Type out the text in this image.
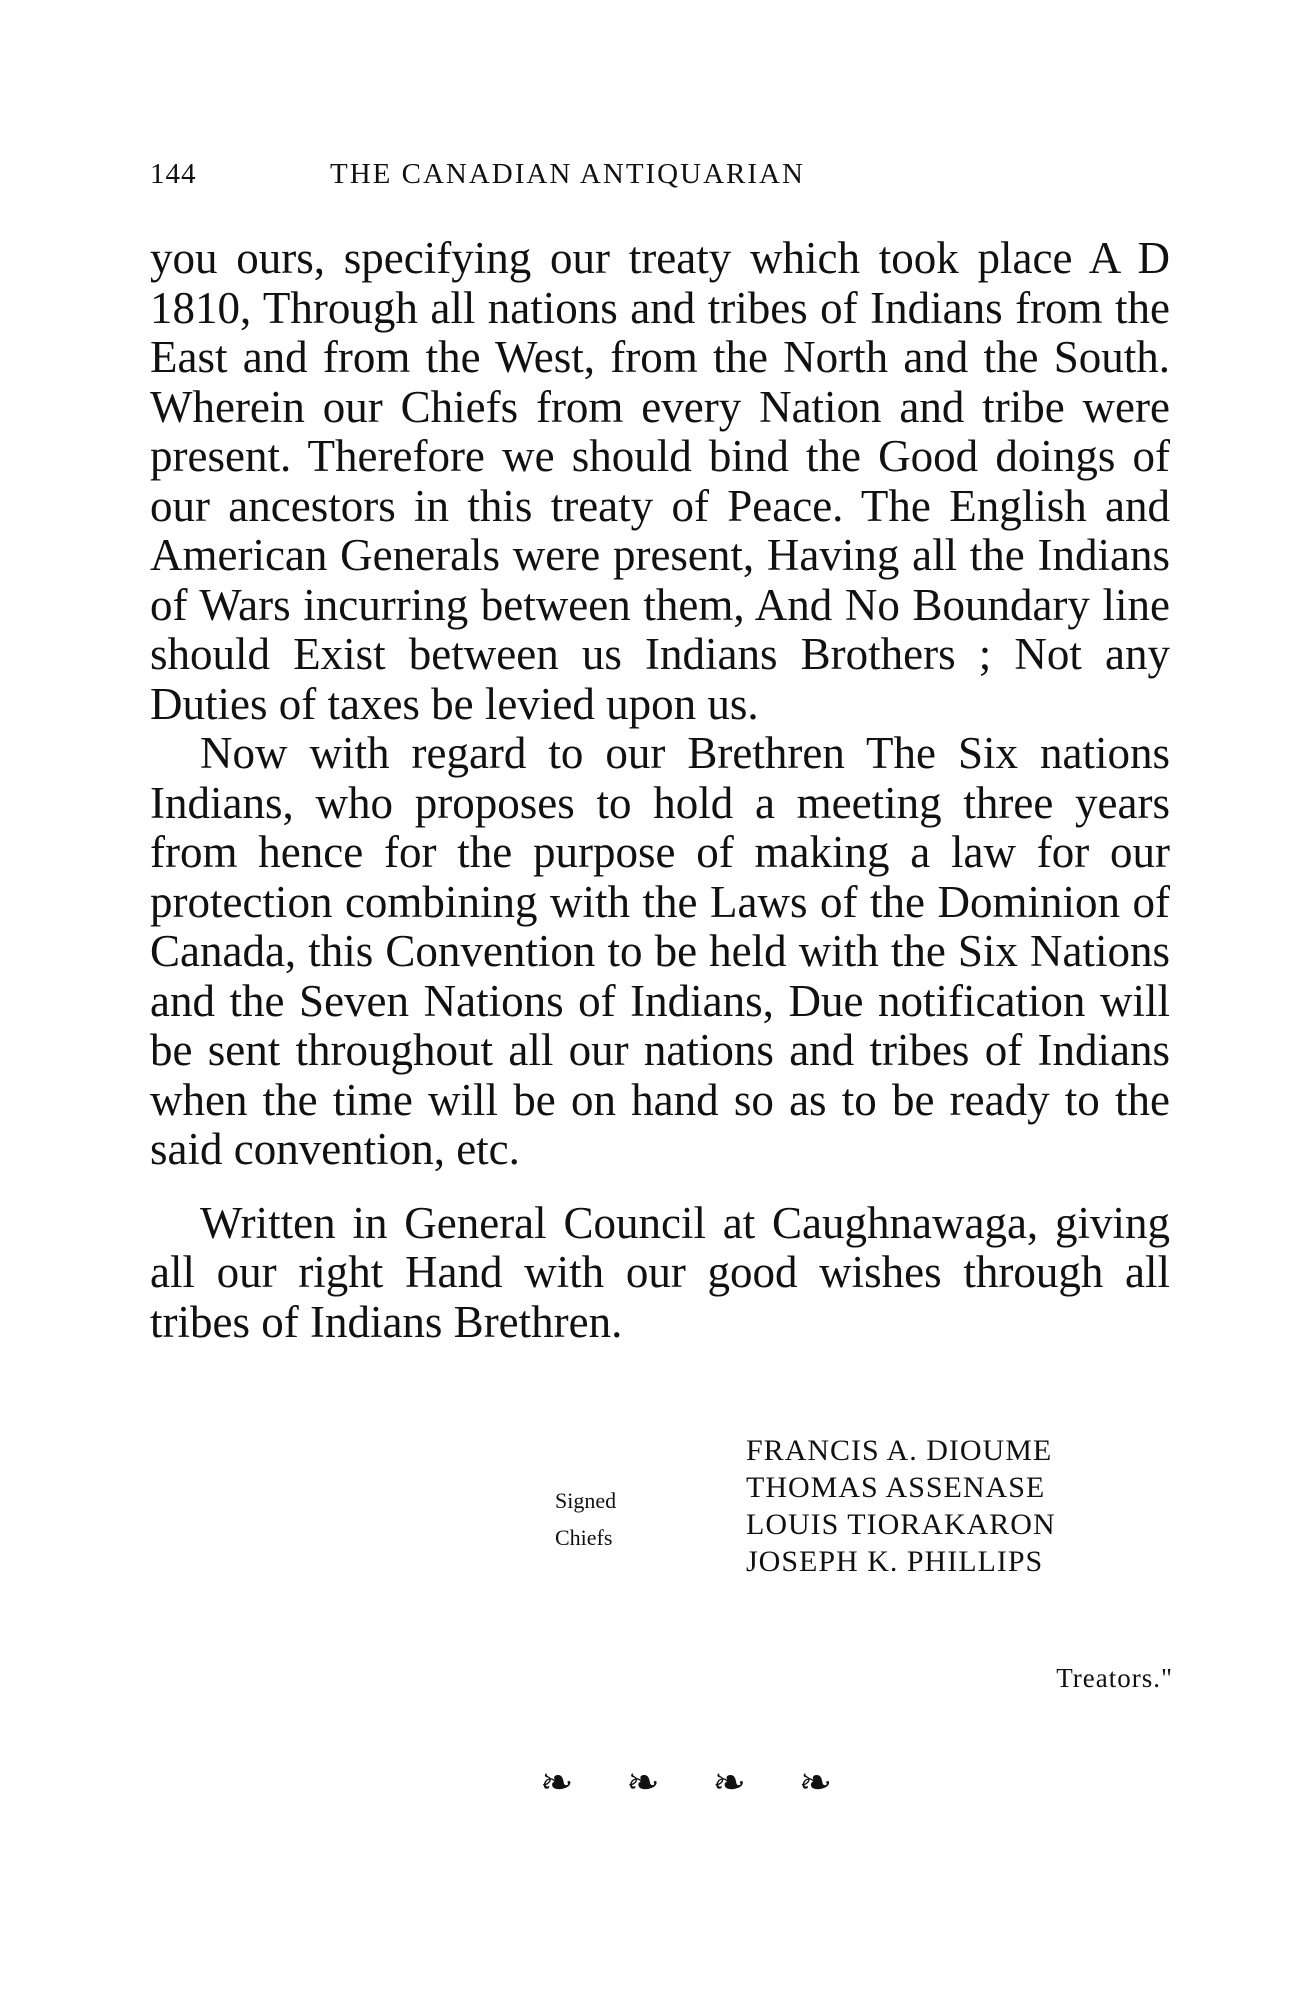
144	THE CANADIAN ANTIQUARIAN

you ours, specifying our treaty which took place A D 1810, Through all nations and tribes of Indians from the East and from the West, from the North and the South. Wherein our Chiefs from every Nation and tribe were present. Therefore we should bind the Good doings of our ancestors in this treaty of Peace. The English and American Generals were present, Having all the Indians of Wars incurring between them, And No Boundary line should Exist between us Indians Brothers ; Not any Duties of taxes be levied upon us.

Now with regard to our Brethren The Six nations Indians, who proposes to hold a meeting three years from hence for the purpose of making a law for our protection combining with the Laws of the Dominion of Canada, this Convention to be held with the Six Nations and the Seven Nations of Indians, Due notification will be sent throughout all our nations and tribes of Indians when the time will be on hand so as to be ready to the said convention, etc.

Written in General Council at Caughnawaga, giving all our right Hand with our good wishes through all tribes of Indians Brethren.

Signed
Chiefs
FRANCIS A. DIOUME
THOMAS ASSENASE
LOUIS TIORAKARON
JOSEPH K. PHILLIPS
Treators."
❧ ❧ ❧ ❧
